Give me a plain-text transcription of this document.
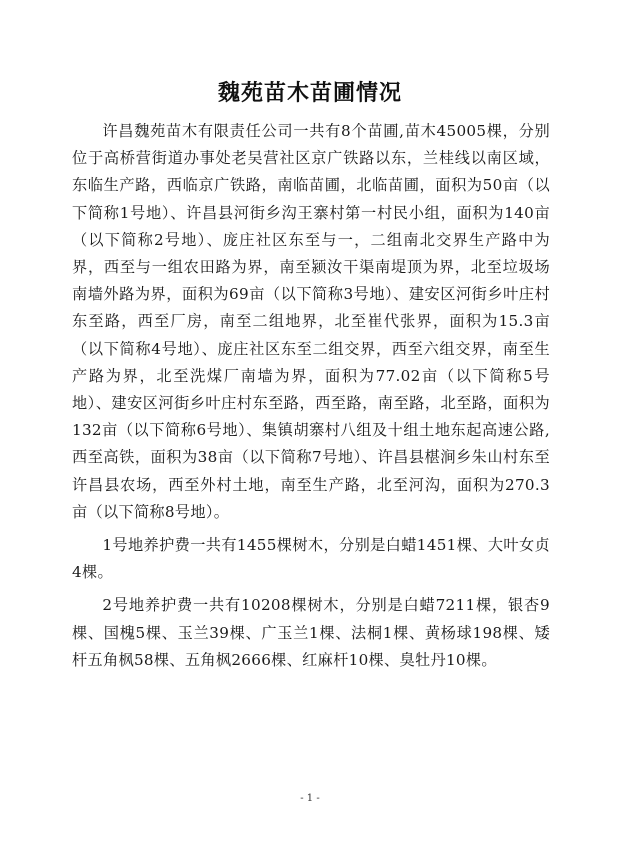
魏苑苗木苗圃情况

许昌魏苑苗木有限责任公司一共有8个苗圃,苗木45005棵，分别位于高桥营街道办事处老吴营社区京广铁路以东，兰桂线以南区域，东临生产路，西临京广铁路，南临苗圃，北临苗圃，面积为50亩（以下简称1号地）、许昌县河街乡沟王寨村第一村民小组，面积为140亩（以下简称2号地）、庞庄社区东至与一，二组南北交界生产路中为界，西至与一组农田路为界，南至颍汝干渠南堤顶为界，北至垃圾场南墙外路为界，面积为69亩（以下简称3号地）、建安区河街乡叶庄村东至路，西至厂房，南至二组地界，北至崔代张界，面积为15.3亩（以下简称4号地）、庞庄社区东至二组交界，西至六组交界，南至生产路为界，北至洗煤厂南墙为界，面积为77.02亩（以下简称5号地）、建安区河街乡叶庄村东至路，西至路，南至路，北至路，面积为132亩（以下简称6号地）、集镇胡寨村八组及十组土地东起高速公路,西至高铁，面积为38亩（以下简称7号地）、许昌县椹涧乡朱山村东至许昌县农场，西至外村土地，南至生产路，北至河沟，面积为270.3亩（以下简称8号地）。

1号地养护费一共有1455棵树木，分别是白蜡1451棵、大叶女贞4棵。

2号地养护费一共有10208棵树木，分别是白蜡7211棵，银杏9棵、国槐5棵、玉兰39棵、广玉兰1棵、法桐1棵、黄杨球198棵、矮杆五角枫58棵、五角枫2666棵、红麻杆10棵、臭牡丹10棵。

- 1 -
